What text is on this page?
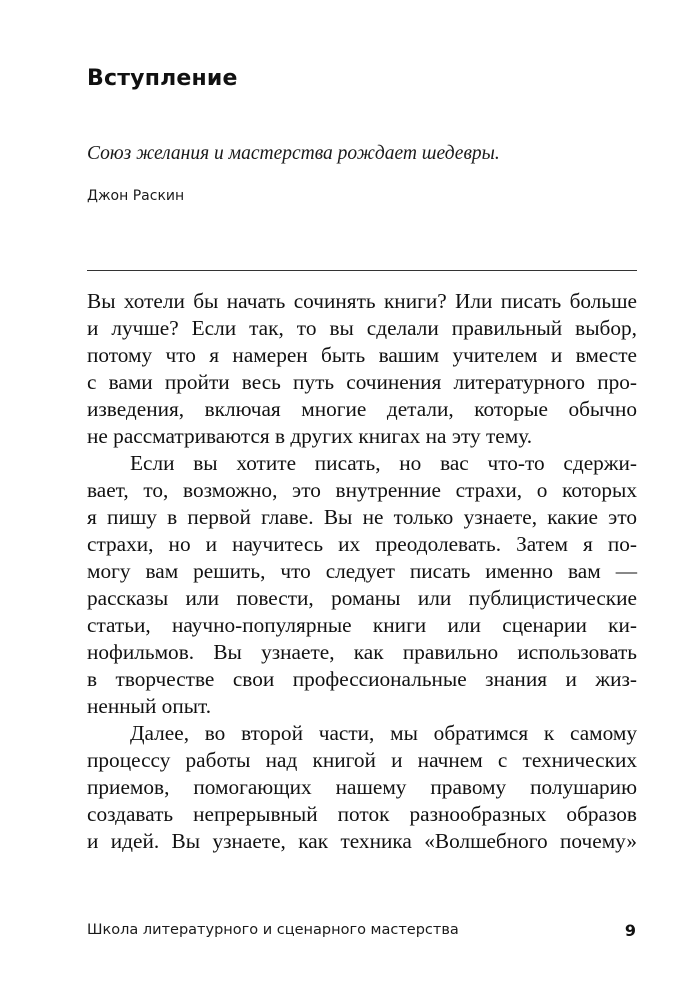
Вступление

Союз желания и мастерства рождает шедевры.

Джон Раскин

Вы хотели бы начать сочинять книги? Или писать больше
и лучше? Если так, то вы сделали правильный выбор,
потому что я намерен быть вашим учителем и вместе
с вами пройти весь путь сочинения литературного про-
изведения, включая многие детали, которые обычно
не рассматриваются в других книгах на эту тему.
Если вы хотите писать, но вас что-то сдержи-
вает, то, возможно, это внутренние страхи, о которых
я пишу в первой главе. Вы не только узнаете, какие это
страхи, но и научитесь их преодолевать. Затем я по-
могу вам решить, что следует писать именно вам —
рассказы или повести, романы или публицистические
статьи, научно-популярные книги или сценарии ки-
нофильмов. Вы узнаете, как правильно использовать
в творчестве свои профессиональные знания и жиз-
ненный опыт.
Далее, во второй части, мы обратимся к самому
процессу работы над книгой и начнем с технических
приемов, помогающих нашему правому полушарию
создавать непрерывный поток разнообразных образов
и идей. Вы узнаете, как техника «Волшебного почему»

Школа литературного и сценарного мастерства	9
